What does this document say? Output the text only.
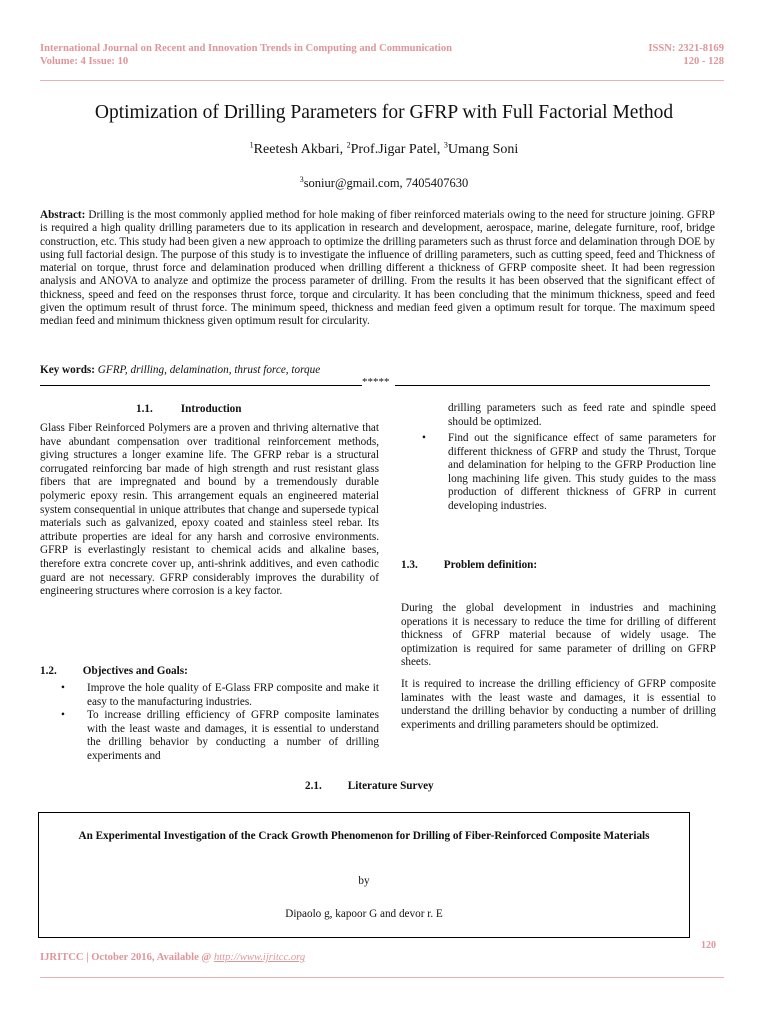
International Journal on Recent and Innovation Trends in Computing and Communication
Volume: 4 Issue: 10
ISSN: 2321-8169
120 - 128
Optimization of Drilling Parameters for GFRP with Full Factorial Method
$^1$Reetesh Akbari, $^2$Prof.Jigar Patel, $^3$Umang Soni
$^3$soniur@gmail.com, 7405407630
Abstract: Drilling is the most commonly applied method for hole making of fiber reinforced materials owing to the need for structure joining. GFRP is required a high quality drilling parameters due to its application in research and development, aerospace, marine, delegate furniture, roof, bridge construction, etc. This study had been given a new approach to optimize the drilling parameters such as thrust force and delamination through DOE by using full factorial design. The purpose of this study is to investigate the influence of drilling parameters, such as cutting speed, feed and Thickness of material on torque, thrust force and delamination produced when drilling different a thickness of GFRP composite sheet. It had been regression analysis and ANOVA to analyze and optimize the process parameter of drilling. From the results it has been observed that the significant effect of thickness, speed and feed on the responses thrust force, torque and circularity. It has been concluding that the minimum thickness, speed and feed given the optimum result of thrust force. The minimum speed, thickness and median feed given a optimum result for torque. The maximum speed median feed and minimum thickness given optimum result for circularity.
Key words: GFRP, drilling, delamination, thrust force, torque
*****
1.1.	Introduction
Glass Fiber Reinforced Polymers are a proven and thriving alternative that have abundant compensation over traditional reinforcement methods, giving structures a longer examine life. The GFRP rebar is a structural corrugated reinforcing bar made of high strength and rust resistant glass fibers that are impregnated and bound by a tremendously durable polymeric epoxy resin. This arrangement equals an engineered material system consequential in unique attributes that change and supersede typical materials such as galvanized, epoxy coated and stainless steel rebar. Its attribute properties are ideal for any harsh and corrosive environments. GFRP is everlastingly resistant to chemical acids and alkaline bases, therefore extra concrete cover up, anti-shrink additives, and even cathodic guard are not necessary. GFRP considerably improves the durability of engineering structures where corrosion is a key factor.
1.2. Objectives and Goals:
• Improve the hole quality of E-Glass FRP composite and make it easy to the manufacturing industries.
• To increase drilling efficiency of GFRP composite laminates with the least waste and damages, it is essential to understand the drilling behavior by conducting a number of drilling experiments and
drilling parameters such as feed rate and spindle speed should be optimized.
• Find out the significance effect of same parameters for different thickness of GFRP and study the Thrust, Torque and delamination for helping to the GFRP Production line long machining life given. This study guides to the mass production of different thickness of GFRP in current developing industries.
1.3. Problem definition:
During the global development in industries and machining operations it is necessary to reduce the time for drilling of different thickness of GFRP material because of widely usage. The optimization is required for same parameter of drilling on GFRP sheets.
It is required to increase the drilling efficiency of GFRP composite laminates with the least waste and damages, it is essential to understand the drilling behavior by conducting a number of drilling experiments and drilling parameters should be optimized.
2.1. Literature Survey
An Experimental Investigation of the Crack Growth Phenomenon for Drilling of Fiber-Reinforced Composite Materials
by
Dipaolo g, kapoor G and devor r. E
120
IJRITCC | October 2016, Available @ http://www.ijritcc.org
